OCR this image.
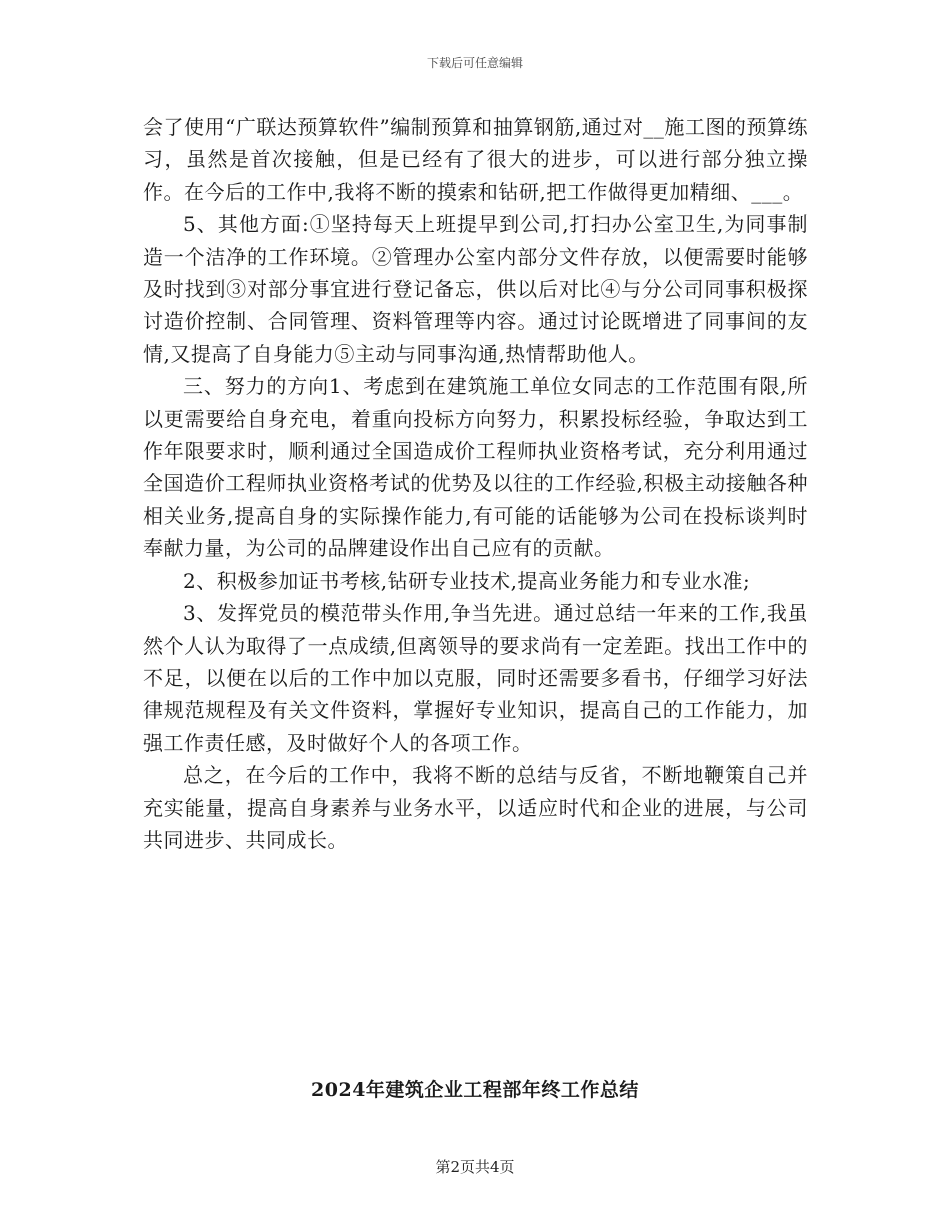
下载后可任意编辑

会了使用“广联达预算软件”编制预算和抽算钢筋,通过对__施工图的预算练习，虽然是首次接触，但是已经有了很大的进步，可以进行部分独立操作。在今后的工作中,我将不断的摸索和钻研,把工作做得更加精细、___。

5、其他方面:①坚持每天上班提早到公司,打扫办公室卫生,为同事制造一个洁净的工作环境。②管理办公室内部分文件存放，以便需要时能够及时找到③对部分事宜进行登记备忘，供以后对比④与分公司同事积极探讨造价控制、合同管理、资料管理等内容。通过讨论既增进了同事间的友情,又提高了自身能力⑤主动与同事沟通,热情帮助他人。

三、努力的方向1、考虑到在建筑施工单位女同志的工作范围有限,所以更需要给自身充电，着重向投标方向努力，积累投标经验，争取达到工作年限要求时，顺利通过全国造成价工程师执业资格考试，充分利用通过全国造价工程师执业资格考试的优势及以往的工作经验,积极主动接触各种相关业务,提高自身的实际操作能力,有可能的话能够为公司在投标谈判时奉献力量，为公司的品牌建设作出自己应有的贡献。

2、积极参加证书考核,钻研专业技术,提高业务能力和专业水准;

3、发挥党员的模范带头作用,争当先进。通过总结一年来的工作,我虽然个人认为取得了一点成绩,但离领导的要求尚有一定差距。找出工作中的不足，以便在以后的工作中加以克服，同时还需要多看书，仔细学习好法律规范规程及有关文件资料，掌握好专业知识，提高自己的工作能力，加强工作责任感，及时做好个人的各项工作。

总之，在今后的工作中，我将不断的总结与反省，不断地鞭策自己并充实能量，提高自身素养与业务水平，以适应时代和企业的进展，与公司共同进步、共同成长。

2024年建筑企业工程部年终工作总结
第2页共4页
